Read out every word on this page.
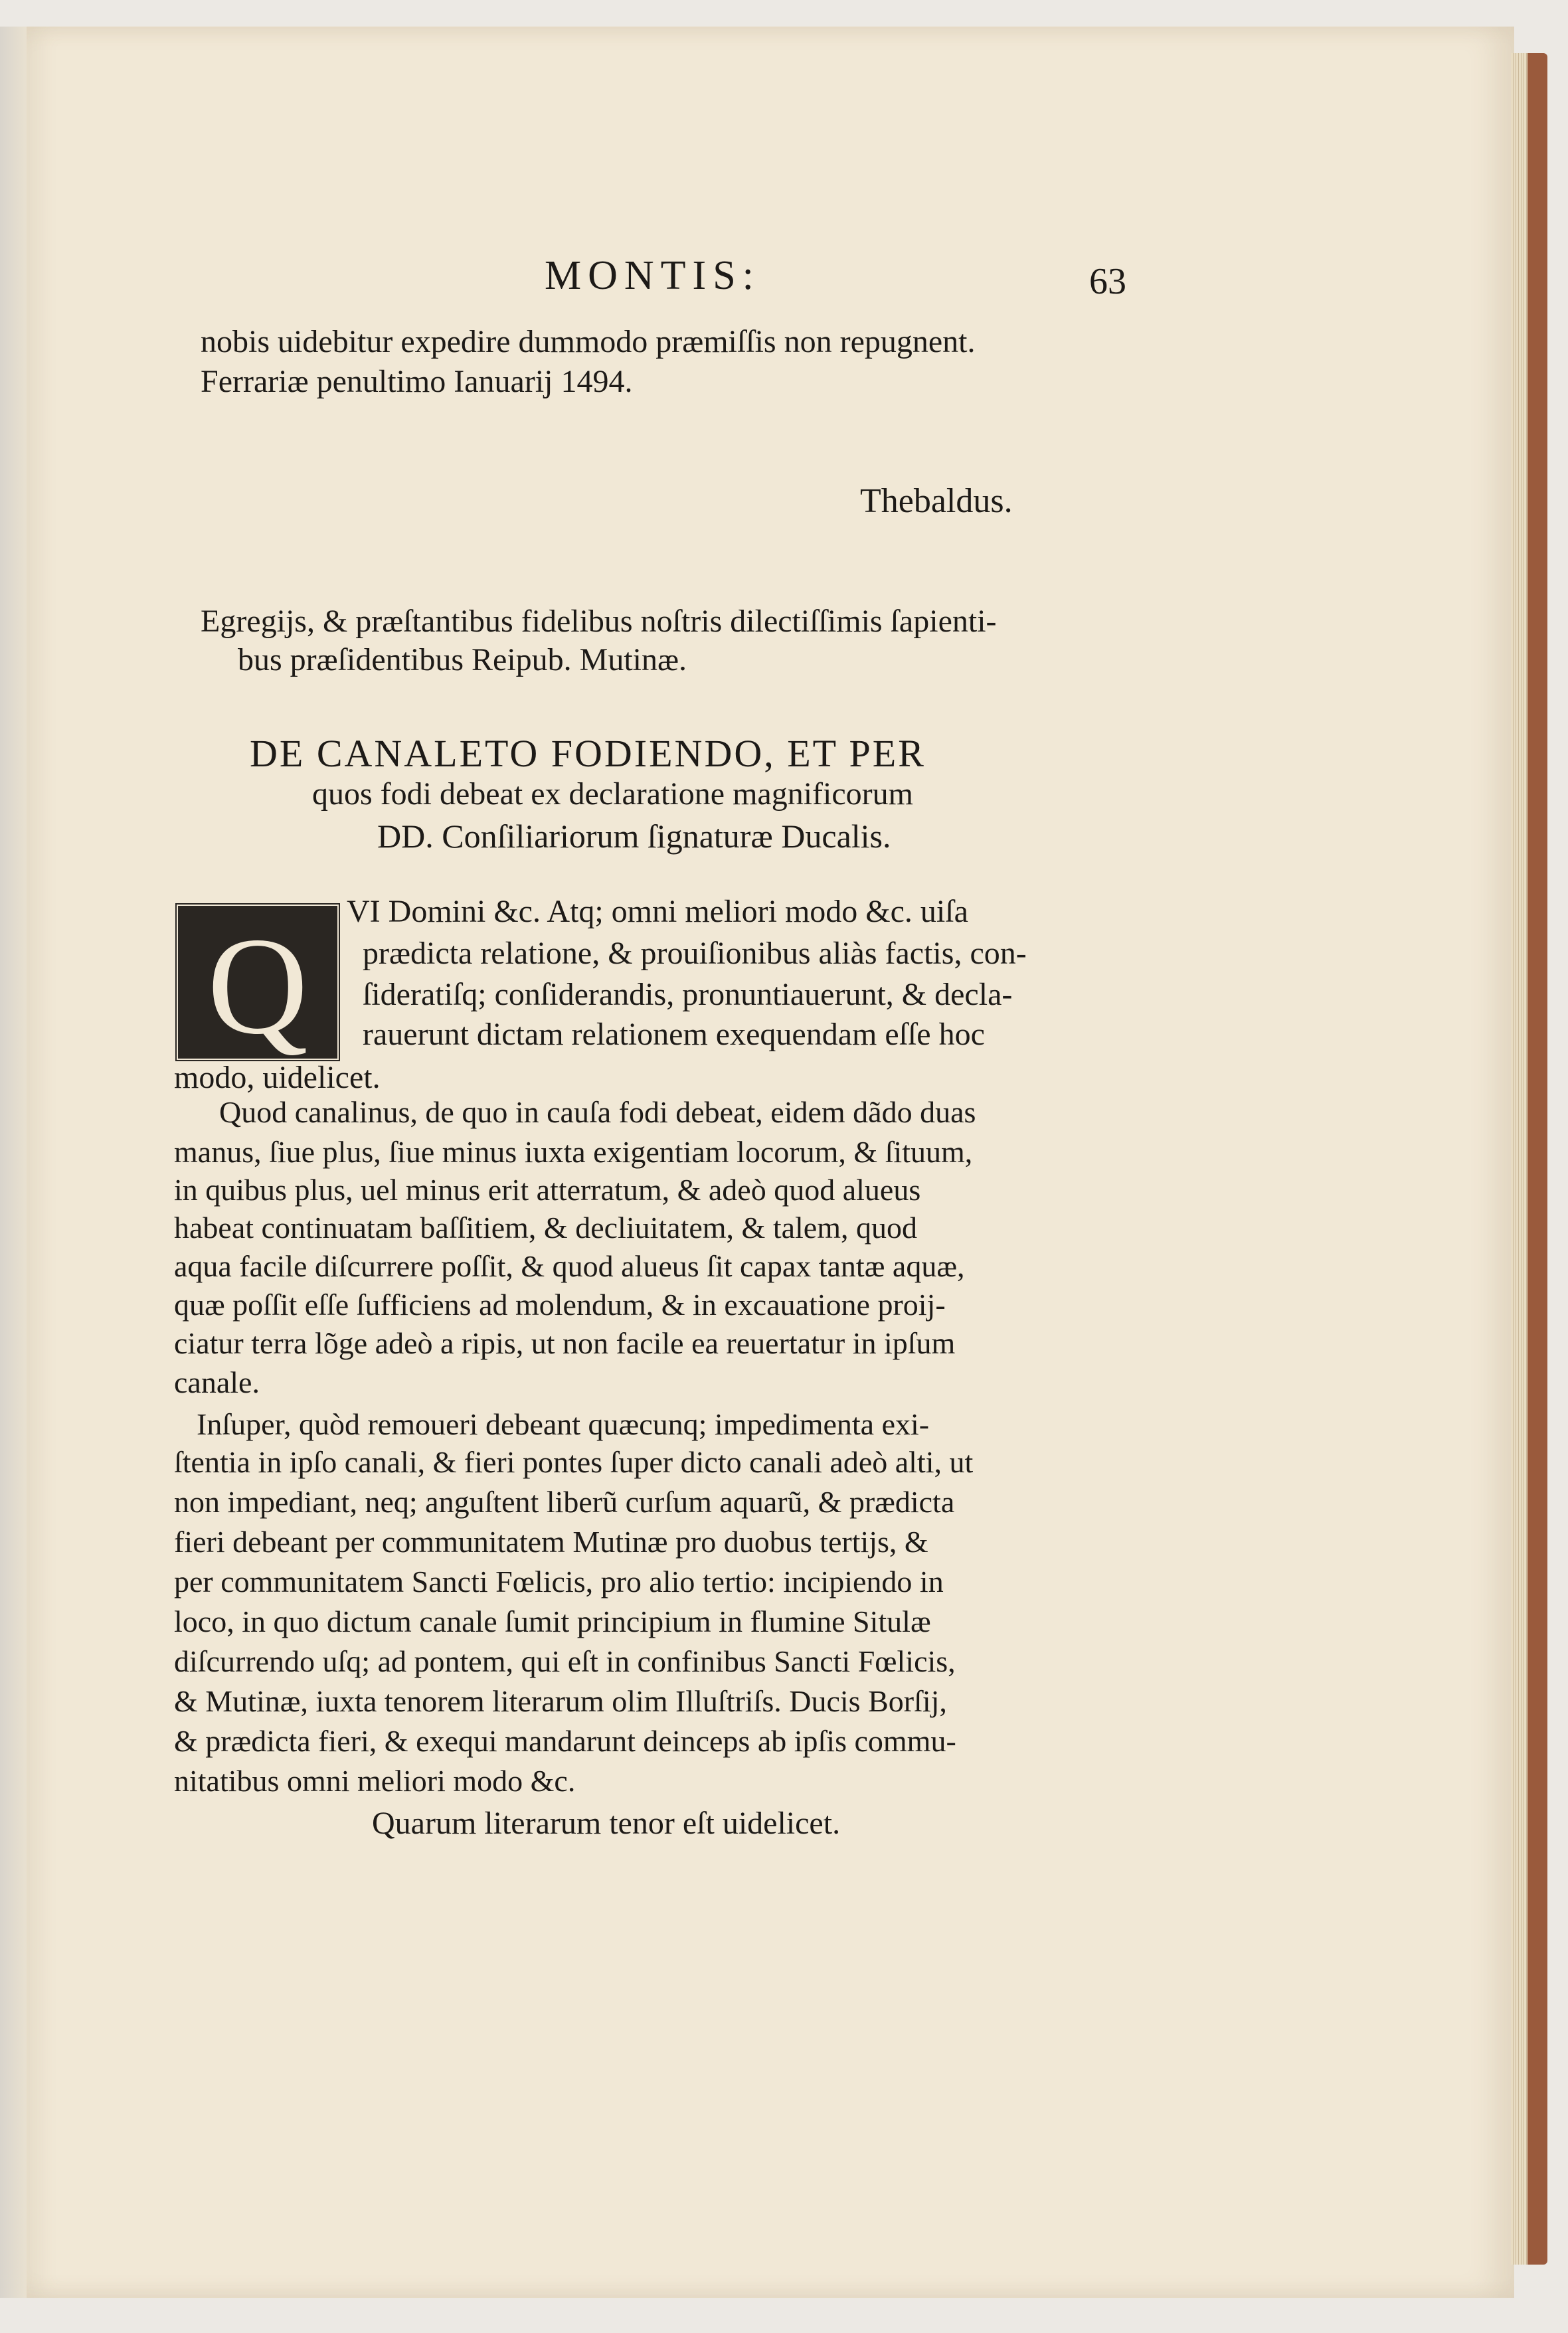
MONTIS:	63
nobis uidebitur expedire dummodo præmiſſis non repugnent.
Ferrariæ penultimo Ianuarij 1494.
Thebaldus.
Egregijs, & præſtantibus fidelibus noſtris dilectiſſimis ſapienti-
bus præſidentibus Reipub. Mutinæ.
DE CANALETO FODIENDO, ET PER
quos fodi debeat ex declaratione magnificorum
DD. Conſiliariorum ſignaturæ Ducalis.
Q	VI Domini &c. Atq; omni meliori modo &c. uiſa
prædicta relatione, & prouiſionibus aliàs factis, con-
ſideratiſq; conſiderandis, pronuntiauerunt, & decla-
rauerunt dictam relationem exequendam eſſe hoc
modo, uidelicet.
Quod canalinus, de quo in cauſa fodi debeat, eidem dãdo duas
manus, ſiue plus, ſiue minus iuxta exigentiam locorum, & ſituum,
in quibus plus, uel minus erit atterratum, & adeò quod alueus
habeat continuatam baſſitiem, & decliuitatem, & talem, quod
aqua facile diſcurrere poſſit, & quod alueus ſit capax tantæ aquæ,
quæ poſſit eſſe ſufficiens ad molendum, & in excauatione proij-
ciatur terra lõge adeò a ripis, ut non facile ea reuertatur in ipſum
canale.
Inſuper, quòd remoueri debeant quæcunq; impedimenta exi-
ſtentia in ipſo canali, & fieri pontes ſuper dicto canali adeò alti, ut
non impediant, neq; anguſtent liberũ curſum aquarũ, & prædicta
fieri debeant per communitatem Mutinæ pro duobus tertijs, &
per communitatem Sancti Fœlicis, pro alio tertio: incipiendo in
loco, in quo dictum canale ſumit principium in flumine Situlæ
diſcurrendo uſq; ad pontem, qui eſt in confinibus Sancti Fœlicis,
& Mutinæ, iuxta tenorem literarum olim Illuſtriſs. Ducis Borſij,
& prædicta fieri, & exequi mandarunt deinceps ab ipſis commu-
nitatibus omni meliori modo &c.
Quarum literarum tenor eſt uidelicet.
